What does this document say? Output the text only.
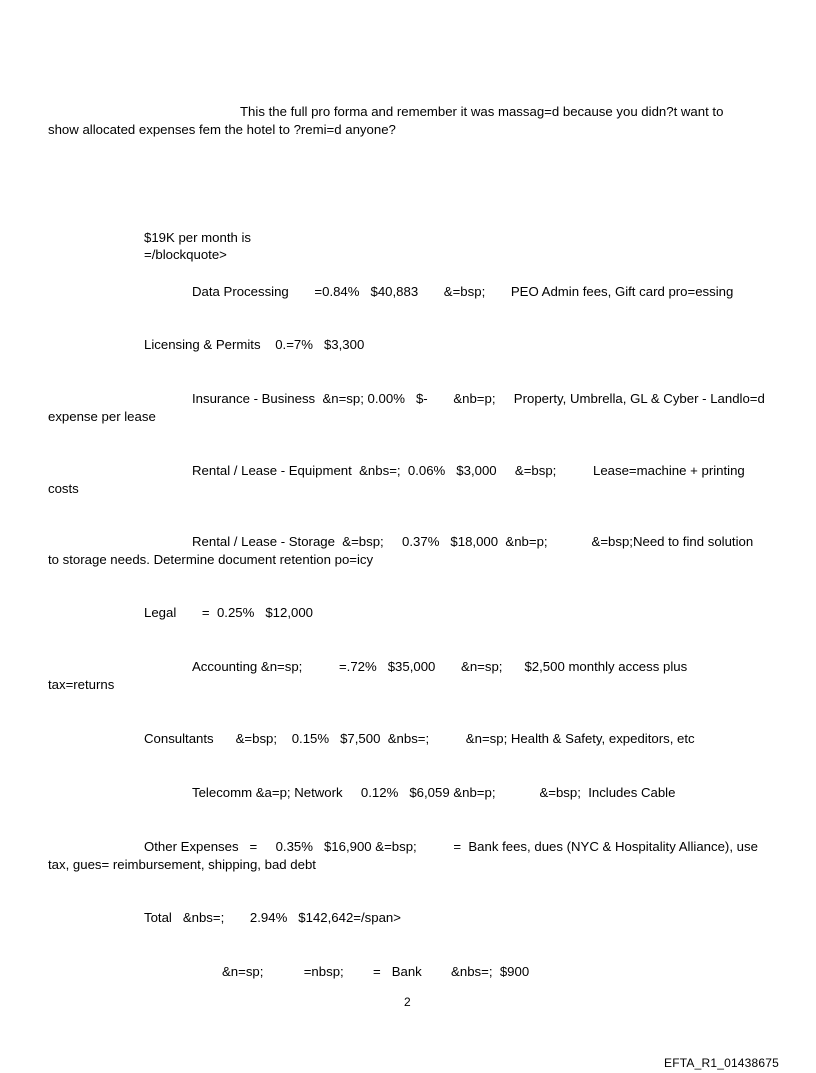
This the full pro forma and remember it was massag=d because you didn?t want to
show allocated expenses fem the hotel to ?remi=d anyone?
$19K per month is
=/blockquote>
Data Processing       =0.84%   $40,883       &=bsp;       PEO Admin fees, Gift card pro=essing
Licensing & Permits    0.=7%   $3,300
Insurance - Business  &n=sp; 0.00%   $-       &nb=p;     Property, Umbrella, GL & Cyber - Landlo=d
expense per lease
Rental / Lease - Equipment  &nbs=;  0.06%   $3,000     &=bsp;          Lease=machine + printing
costs
Rental / Lease - Storage  &=bsp;     0.37%   $18,000  &nb=p;            &=bsp;Need to find solution
to storage needs. Determine document retention po=icy
Legal       =  0.25%   $12,000
Accounting &n=sp;          =.72%   $35,000       &n=sp;      $2,500 monthly access plus
tax=returns
Consultants      &=bsp;    0.15%   $7,500  &nbs=;          &n=sp; Health & Safety, expeditors, etc
Telecomm &a=p; Network     0.12%   $6,059 &nb=p;            &=bsp;  Includes Cable
Other Expenses   =     0.35%   $16,900 &=bsp;          =  Bank fees, dues (NYC & Hospitality Alliance), use
tax, gues= reimbursement, shipping, bad debt
Total   &nbs=;       2.94%   $142,642=/span>
&n=sp;           =nbsp;        =   Bank        &nbs=;  $900
2
EFTA_R1_01438675
